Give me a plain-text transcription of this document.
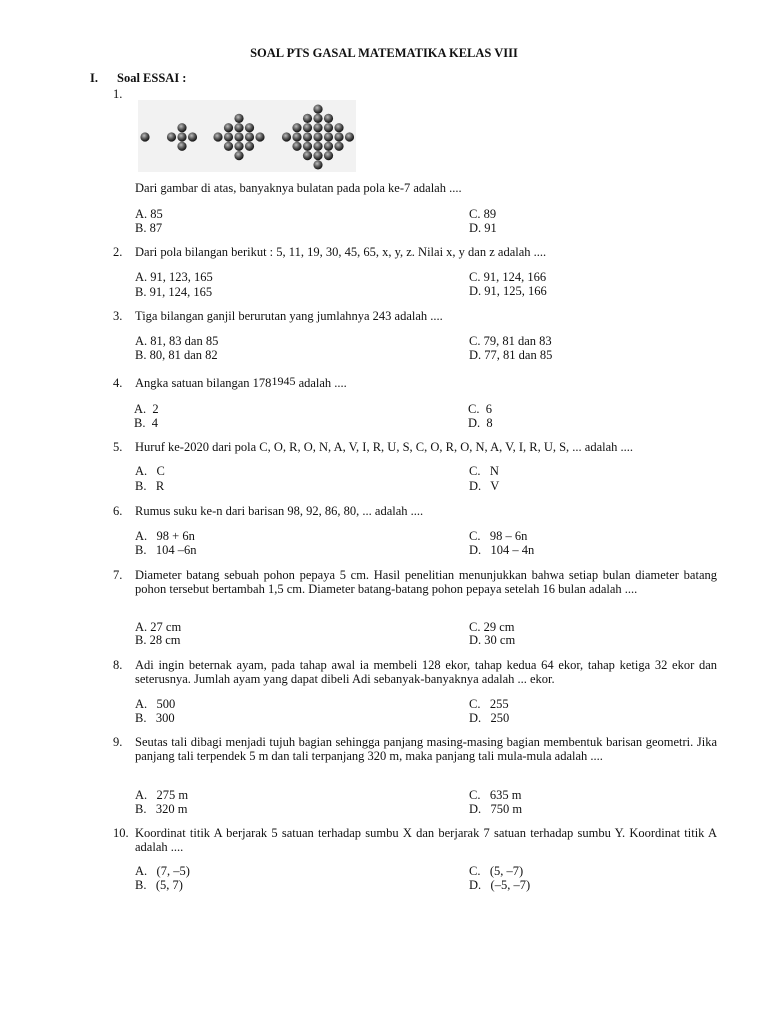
SOAL PTS GASAL MATEMATIKA KELAS VIII
I. Soal ESSAI :
1.
Dari gambar di atas, banyaknya bulatan pada pola ke-7 adalah ....
A. 85
B. 87
C. 89
D. 91
2. Dari pola bilangan berikut : 5, 11, 19, 30, 45, 65, x, y, z. Nilai x, y dan z adalah ....
A. 91, 123, 165
B. 91, 124, 165
C. 91, 124, 166
D. 91, 125, 166
3. Tiga bilangan ganjil berurutan yang jumlahnya 243 adalah ....
A. 81, 83 dan 85
B. 80, 81 dan 82
C. 79, 81 dan 83
D. 77, 81 dan 85
4. Angka satuan bilangan $178^{1945}$ adalah ....
A.  2
B.  4
C.  6
D.  8
5. Huruf ke-2020 dari pola C, O, R, O, N, A, V, I, R, U, S, C, O, R, O, N, A, V, I, R, U, S, ... adalah ....
A.   C
B.   R
C.   N
D.   V
6. Rumus suku ke-n dari barisan 98, 92, 86, 80, ... adalah ....
A.   98 + 6n
B.   104 –6n
C.   98 – 6n
D.   104 – 4n
7. Diameter batang sebuah pohon pepaya 5 cm. Hasil penelitian menunjukkan bahwa setiap bulan diameter batang pohon tersebut bertambah 1,5 cm. Diameter batang-batang pohon pepaya setelah 16 bulan adalah ....
A. 27 cm
B. 28 cm
C. 29 cm
D. 30 cm
8. Adi ingin beternak ayam, pada tahap awal ia membeli 128 ekor, tahap kedua 64 ekor, tahap ketiga 32 ekor dan seterusnya. Jumlah ayam yang dapat dibeli Adi sebanyak-banyaknya adalah ... ekor.
A.   500
B.   300
C.   255
D.   250
9. Seutas tali dibagi menjadi tujuh bagian sehingga panjang masing-masing bagian membentuk barisan geometri. Jika panjang tali terpendek 5 m dan tali terpanjang 320 m, maka panjang tali mula-mula adalah ....
A.   275 m
B.   320 m
C.   635 m
D.   750 m
10. Koordinat titik A berjarak 5 satuan terhadap sumbu X dan berjarak 7 satuan terhadap sumbu Y. Koordinat titik A adalah ....
A.   (7, –5)
B.   (5, 7)
C.   (5, –7)
D.   (–5, –7)
